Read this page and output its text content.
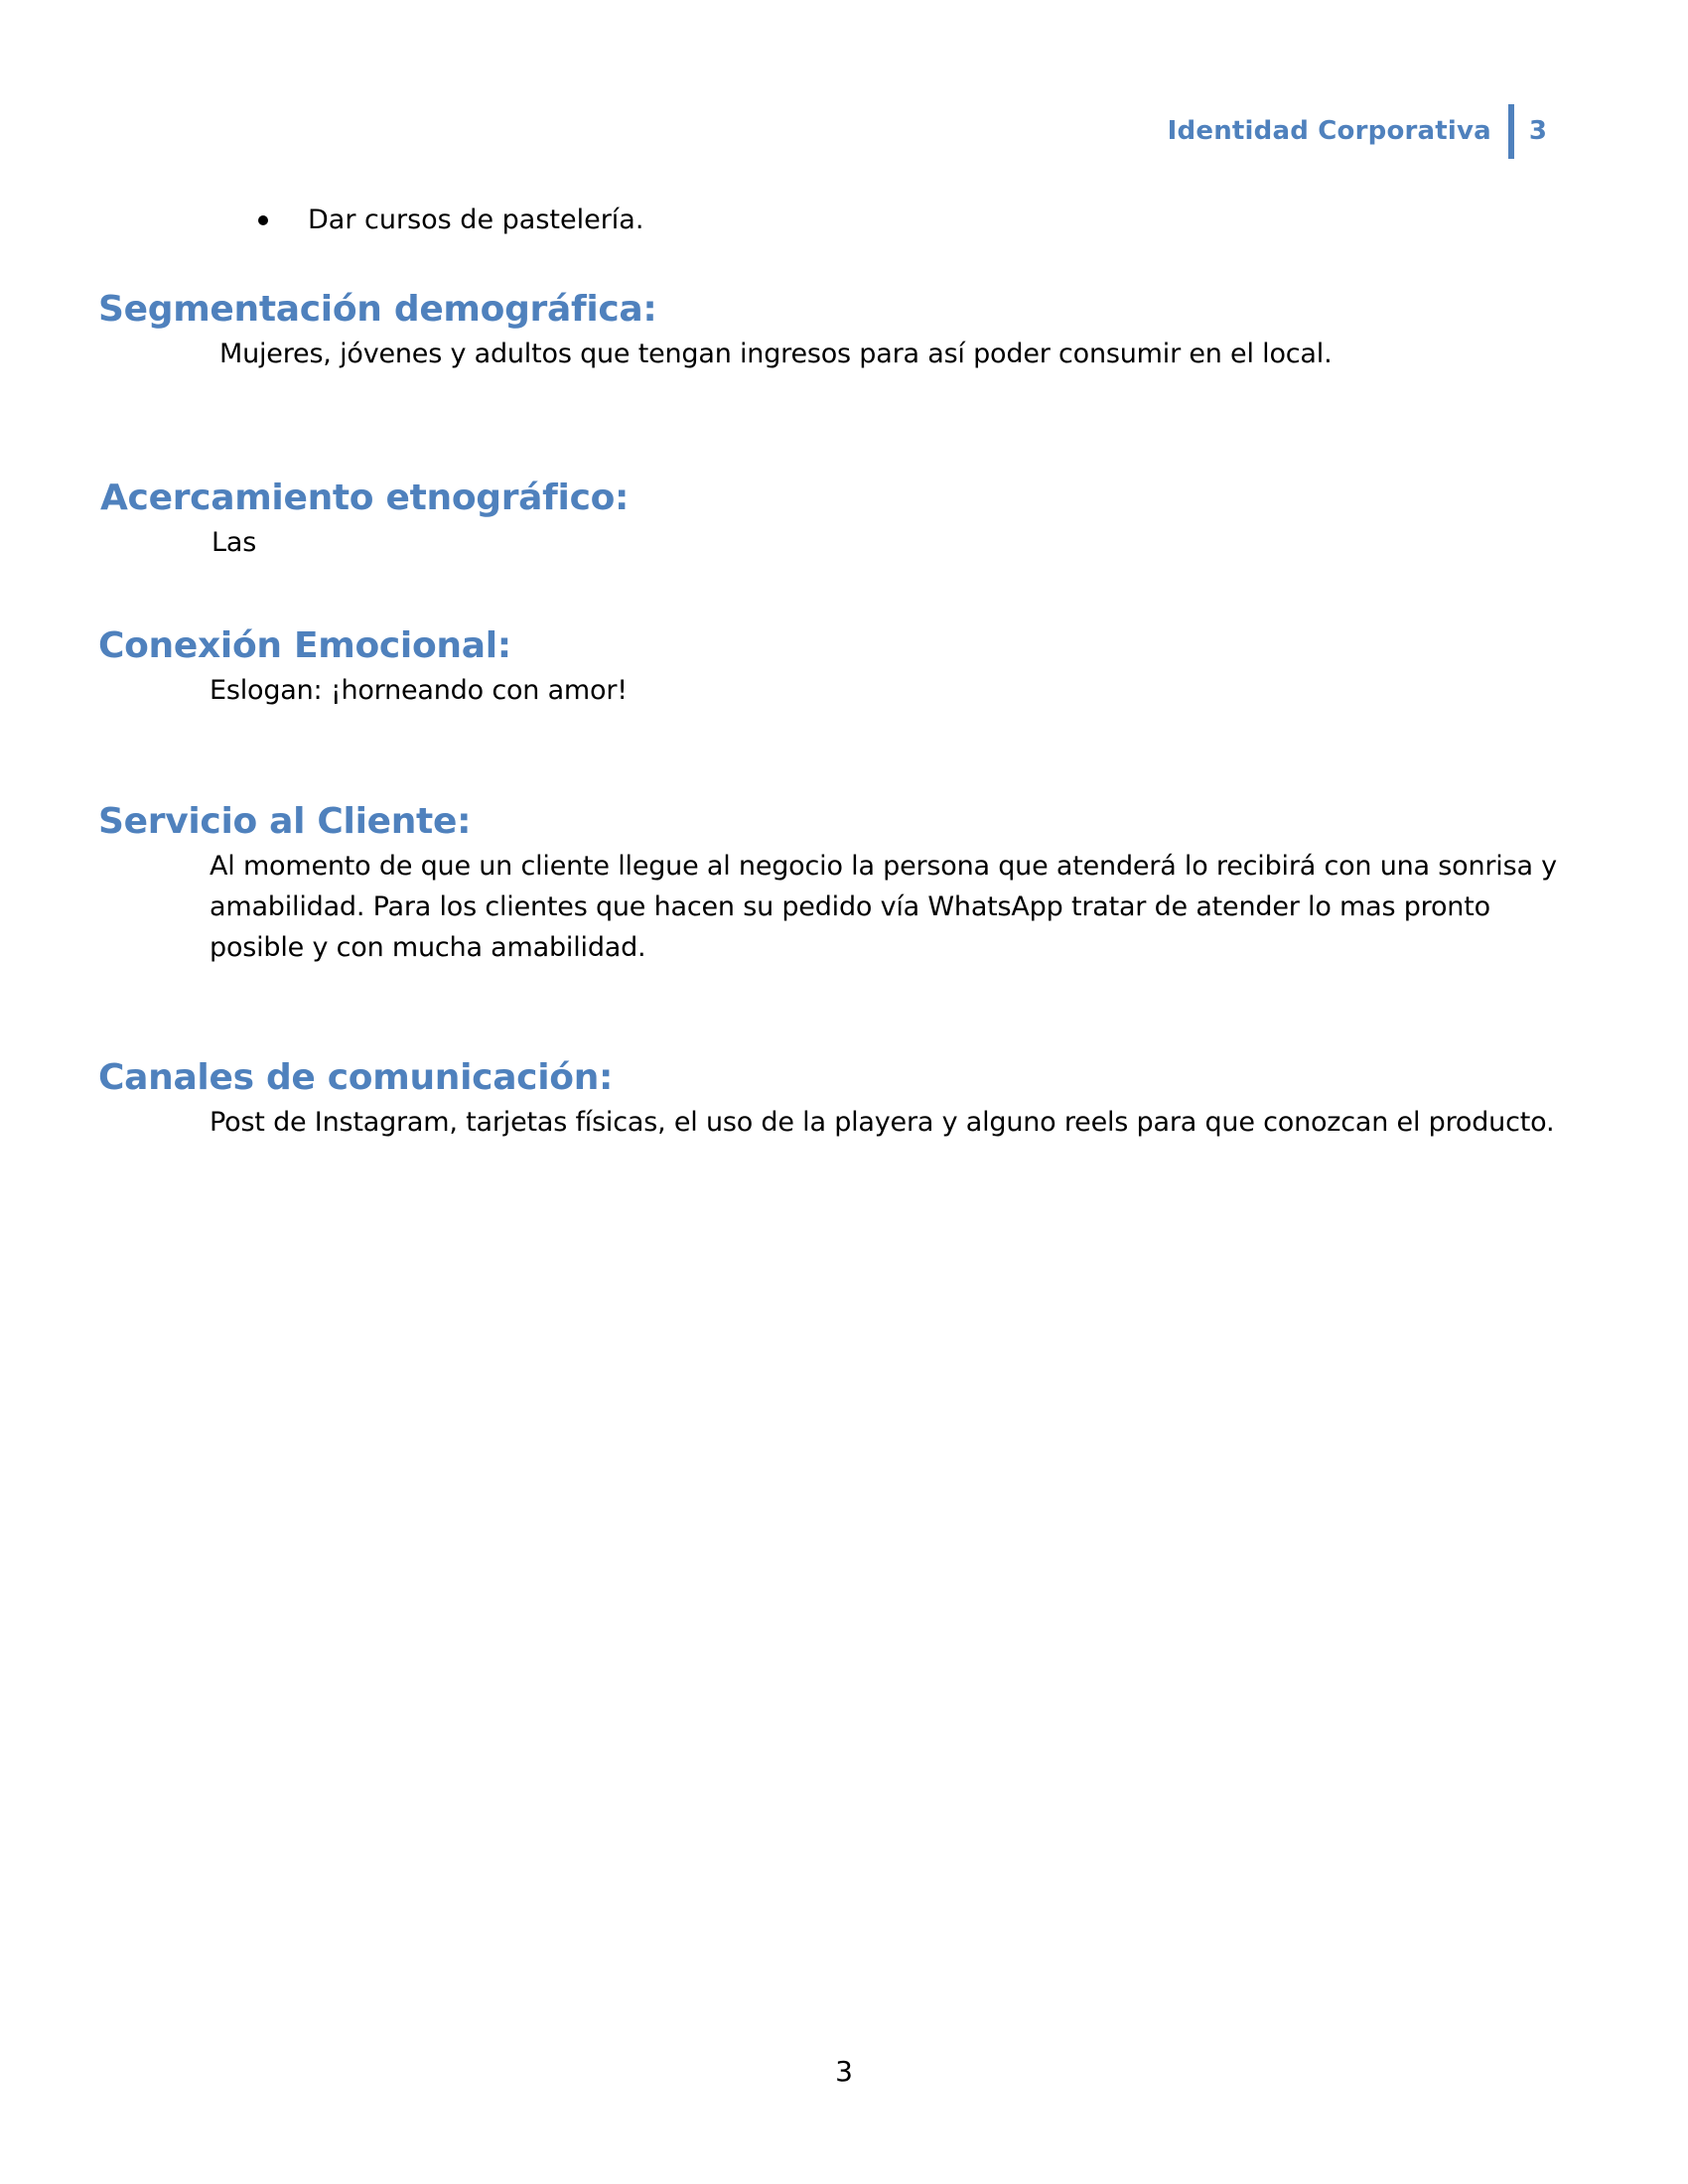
Identidad Corporativa 3
Dar cursos de pastelería.
Segmentación demográfica:

Mujeres, jóvenes y adultos que tengan ingresos para así poder consumir en el local.

Acercamiento etnográfico:

Las

Conexión Emocional:

Eslogan: ¡horneando con amor!

Servicio al Cliente:

Al momento de que un cliente llegue al negocio la persona que atenderá lo recibirá con una sonrisa y amabilidad. Para los clientes que hacen su pedido vía WhatsApp tratar de atender lo mas pronto posible y con mucha amabilidad.

Canales de comunicación:

Post de Instagram, tarjetas físicas, el uso de la playera y alguno reels para que conozcan el producto.

3
